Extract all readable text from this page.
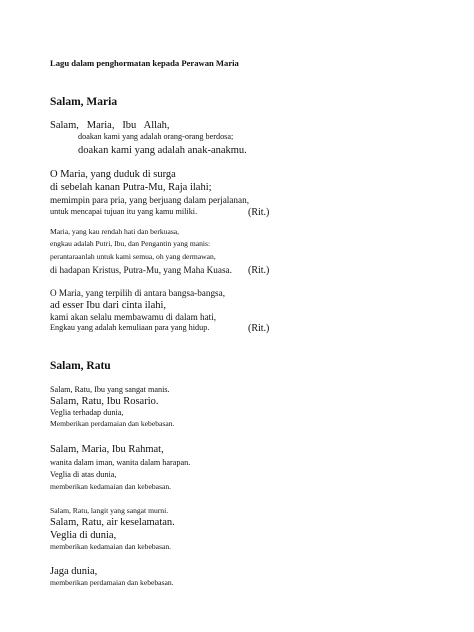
Lagu dalam penghormatan kepada Perawan Maria
Salam, Maria
Salam,   Maria,   Ibu   Allah,
doakan kami yang adalah orang-orang berdosa;
doakan kami yang adalah anak-anakmu.
O Maria, yang duduk di surga
di sebelah kanan Putra-Mu, Raja ilahi;
memimpin para pria, yang berjuang dalam perjalanan,
untuk mencapai tujuan itu yang kamu miliki.	(Rit.)
Maria, yang kau rendah hati dan berkuasa,
engkau adalah Putri, Ibu, dan Pengantin yang manis:
perantaraanlah untuk kami semua, oh yang dermawan,
di hadapan Kristus, Putra-Mu, yang Maha Kuasa. (Rit.)
O Maria, yang terpilih di antara bangsa-bangsa,
ad esser Ibu dari cinta ilahi,
kami akan selalu membawamu di dalam hati,
Engkau yang adalah kemuliaan para yang hidup.	(Rit.)
Salam, Ratu
Salam, Ratu, Ibu yang sangat manis.
Salam, Ratu, Ibu Rosario.
Veglia terhadap dunia,
Memberikan perdamaian dan kebebasan.
Salam, Maria, Ibu Rahmat,
wanita dalam iman, wanita dalam harapan.
Veglia di atas dunia,
memberikan kedamaian dan kebebasan.
Salam, Ratu, langit yang sangat murni.
Salam, Ratu, air keselamatan.
Veglia di dunia,
memberikan kedamaian dan kebebasan.
Jaga dunia,
memberikan perdamaian dan kebebasan.
